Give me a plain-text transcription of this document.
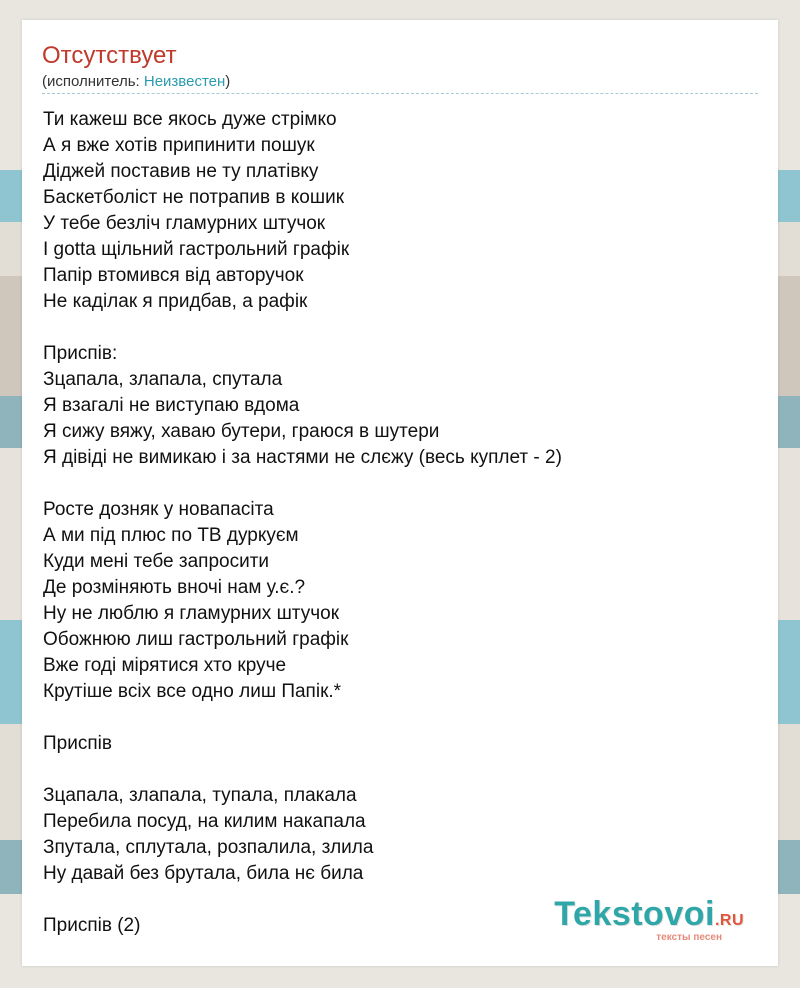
Отсутствует
(исполнитель: Неизвестен)
Ти кажеш все якось дуже стрімко
А я вже хотів припинити пошук
Діджей поставив не ту платівку
Баскетболіст не потрапив в кошик
У тебе безліч гламурних штучок
І gotta щільний гастрольний графік
Папір втомився від авторучок
Не каділак я придбав, а рафік
Приспів:
Зцапала, злапала, спутала
Я взагалі не виступаю вдома
Я сижу вяжу, хаваю бутери, граюся в шутери
Я дівіді не вимикаю і за настями не слєжу (весь куплет - 2)
Росте дозняк у новапасіта
А ми під плюс по ТВ дуркуєм
Куди мені тебе запросити
Де розміняють вночі нам у.є.?
Ну не люблю я гламурних штучок
Обожнюю лиш гастрольний графік
Вже годі мірятися хто круче
Крутіше всіх все одно лиш Папік.*
Приспів
Зцапала, злапала, тупала, плакала
Перебила посуд, на килим накапала
Зпутала, сплутала, розпалила, злила
Ну давай без брутала, била нє била
Приспів (2)	Tekstovoi.RU
тексты песен
